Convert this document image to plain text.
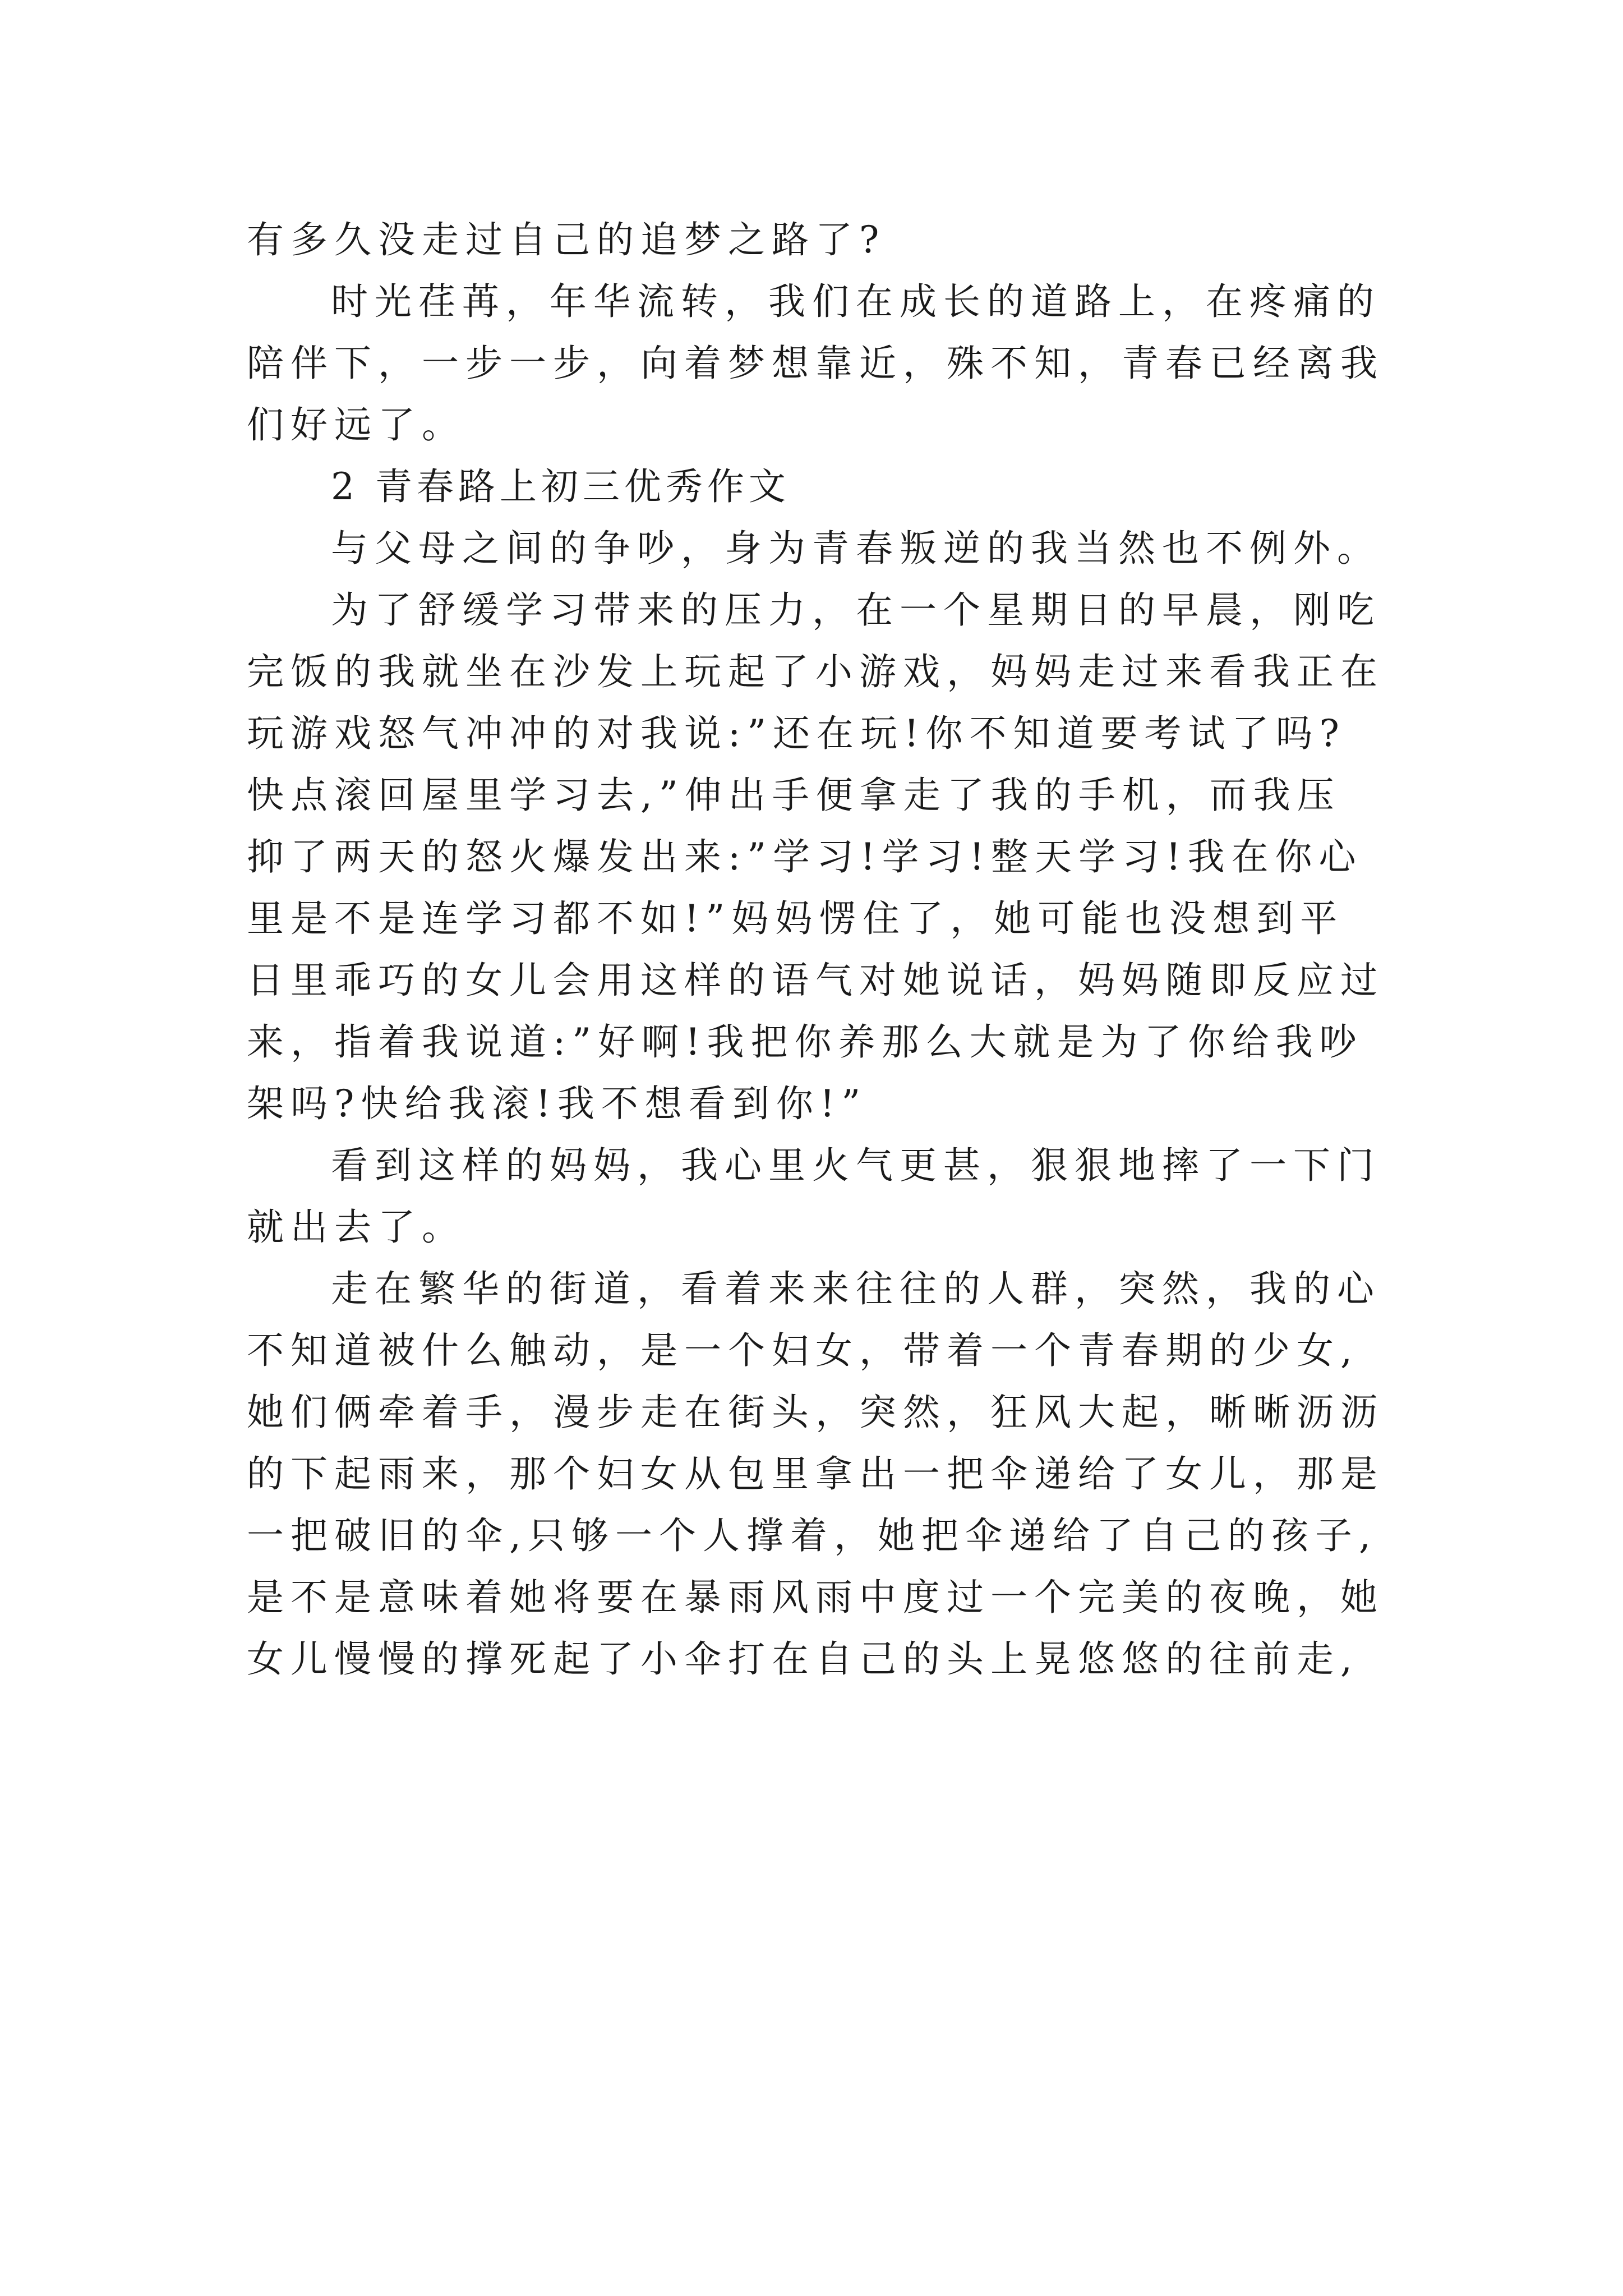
有多久没走过自己的追梦之路了?
时光荏苒，年华流转，我们在成长的道路上，在疼痛的
陪伴下，一步一步，向着梦想靠近，殊不知，青春已经离我
们好远了。
2 青春路上初三优秀作文
与父母之间的争吵，身为青春叛逆的我当然也不例外。
为了舒缓学习带来的压力，在一个星期日的早晨，刚吃
完饭的我就坐在沙发上玩起了小游戏，妈妈走过来看我正在
玩游戏怒气冲冲的对我说:”还在玩!你不知道要考试了吗?
快点滚回屋里学习去,”伸出手便拿走了我的手机，而我压
抑了两天的怒火爆发出来:”学习!学习!整天学习!我在你心
里是不是连学习都不如!”妈妈愣住了，她可能也没想到平
日里乖巧的女儿会用这样的语气对她说话，妈妈随即反应过
来，指着我说道:”好啊!我把你养那么大就是为了你给我吵
架吗?快给我滚!我不想看到你!”
看到这样的妈妈，我心里火气更甚，狠狠地摔了一下门
就出去了。
走在繁华的街道，看着来来往往的人群，突然，我的心
不知道被什么触动，是一个妇女，带着一个青春期的少女,
她们俩牵着手，漫步走在街头，突然，狂风大起，晰晰沥沥
的下起雨来，那个妇女从包里拿出一把伞递给了女儿，那是
一把破旧的伞,只够一个人撑着，她把伞递给了自己的孩子,
是不是意味着她将要在暴雨风雨中度过一个完美的夜晚，她
女儿慢慢的撑死起了小伞打在自己的头上晃悠悠的往前走,
